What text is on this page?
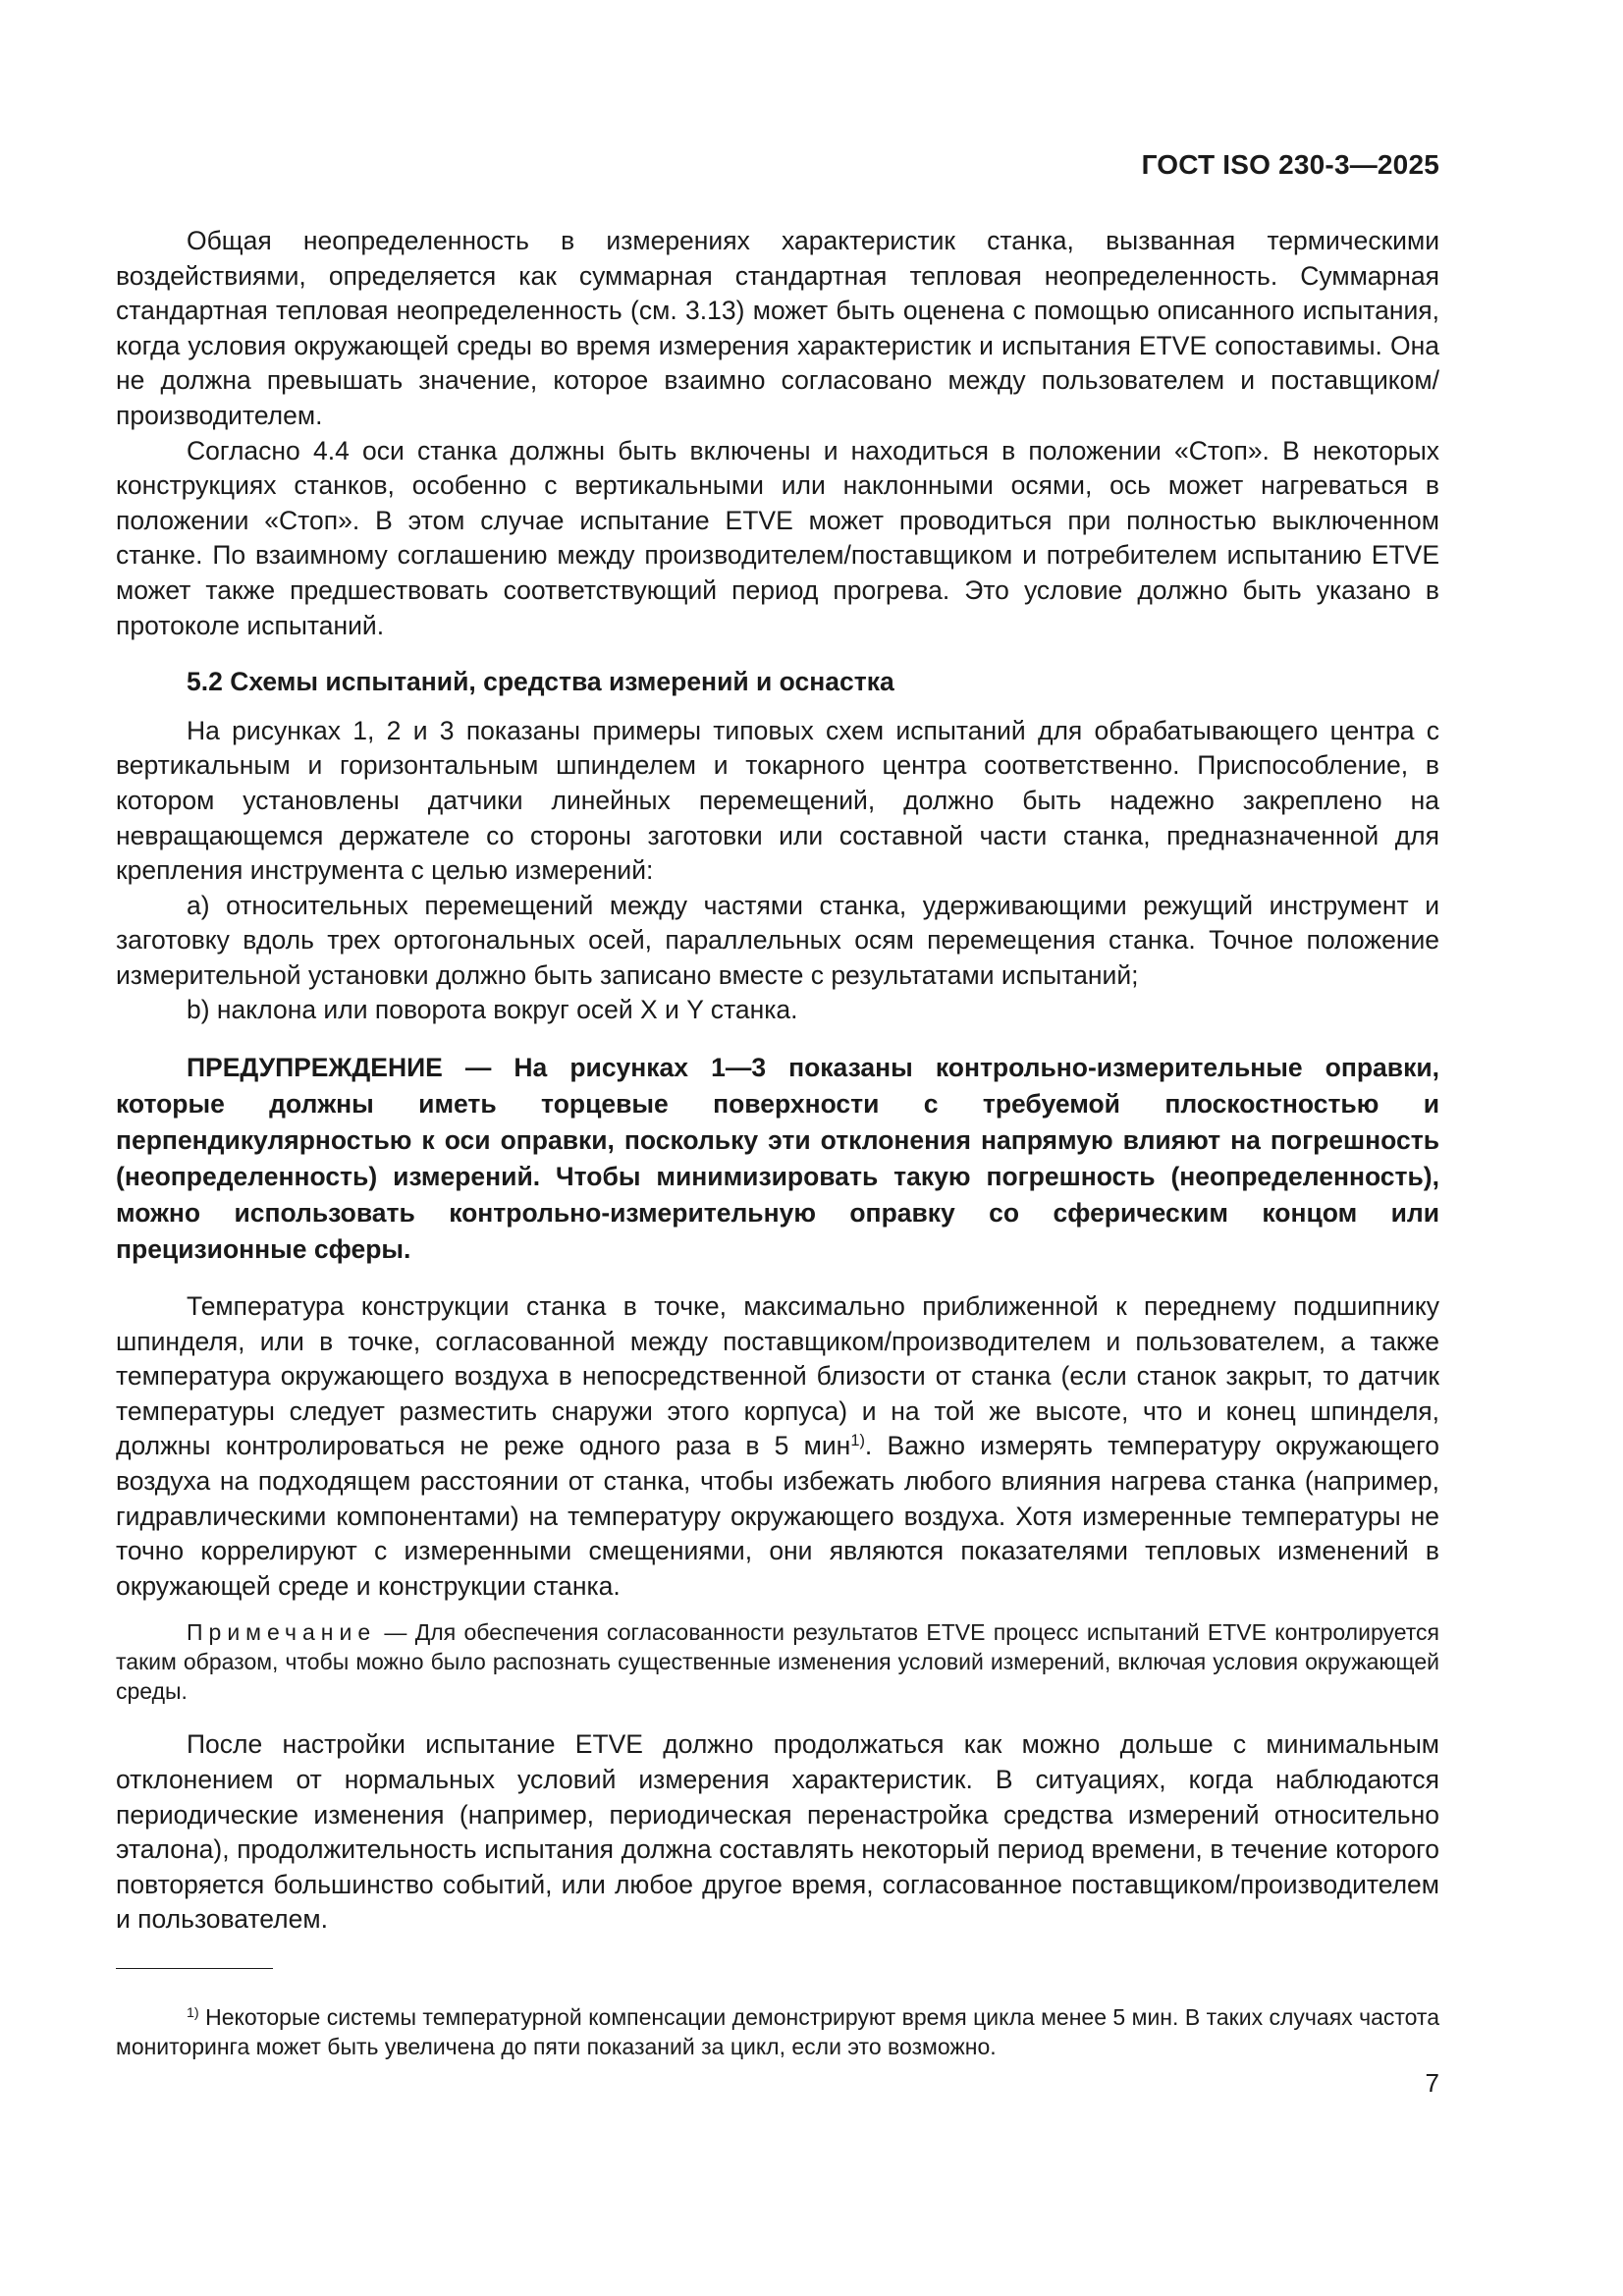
ГОСТ ISO 230-3—2025

Общая неопределенность в измерениях характеристик станка, вызванная термическими воздействиями, определяется как суммарная стандартная тепловая неопределенность. Суммарная стандартная тепловая неопределенность (см. 3.13) может быть оценена с помощью описанного испытания, когда условия окружающей среды во время измерения характеристик и испытания ETVE сопоставимы. Она не должна превышать значение, которое взаимно согласовано между пользователем и поставщиком/производителем.

Согласно 4.4 оси станка должны быть включены и находиться в положении «Стоп». В некоторых конструкциях станков, особенно с вертикальными или наклонными осями, ось может нагреваться в положении «Стоп». В этом случае испытание ETVE может проводиться при полностью выключенном станке. По взаимному соглашению между производителем/поставщиком и потребителем испытанию ETVE может также предшествовать соответствующий период прогрева. Это условие должно быть указано в протоколе испытаний.

5.2 Схемы испытаний, средства измерений и оснастка

На рисунках 1, 2 и 3 показаны примеры типовых схем испытаний для обрабатывающего центра с вертикальным и горизонтальным шпинделем и токарного центра соответственно. Приспособление, в котором установлены датчики линейных перемещений, должно быть надежно закреплено на невращающемся держателе со стороны заготовки или составной части станка, предназначенной для крепления инструмента с целью измерений:

a) относительных перемещений между частями станка, удерживающими режущий инструмент и заготовку вдоль трех ортогональных осей, параллельных осям перемещения станка. Точное положение измерительной установки должно быть записано вместе с результатами испытаний;

b) наклона или поворота вокруг осей X и Y станка.

ПРЕДУПРЕЖДЕНИЕ — На рисунках 1—3 показаны контрольно-измерительные оправки, которые должны иметь торцевые поверхности с требуемой плоскостностью и перпендикулярностью к оси оправки, поскольку эти отклонения напрямую влияют на погрешность (неопределенность) измерений. Чтобы минимизировать такую погрешность (неопределенность), можно использовать контрольно-измерительную оправку со сферическим концом или прецизионные сферы.

Температура конструкции станка в точке, максимально приближенной к переднему подшипнику шпинделя, или в точке, согласованной между поставщиком/производителем и пользователем, а также температура окружающего воздуха в непосредственной близости от станка (если станок закрыт, то датчик температуры следует разместить снаружи этого корпуса) и на той же высоте, что и конец шпинделя, должны контролироваться не реже одного раза в 5 мин$^{1)}$. Важно измерять температуру окружающего воздуха на подходящем расстоянии от станка, чтобы избежать любого влияния нагрева станка (например, гидравлическими компонентами) на температуру окружающего воздуха. Хотя измеренные температуры не точно коррелируют с измеренными смещениями, они являются показателями тепловых изменений в окружающей среде и конструкции станка.

Примечание — Для обеспечения согласованности результатов ETVE процесс испытаний ETVE контролируется таким образом, чтобы можно было распознать существенные изменения условий измерений, включая условия окружающей среды.

После настройки испытание ETVE должно продолжаться как можно дольше с минимальным отклонением от нормальных условий измерения характеристик. В ситуациях, когда наблюдаются периодические изменения (например, периодическая перенастройка средства измерений относительно эталона), продолжительность испытания должна составлять некоторый период времени, в течение которого повторяется большинство событий, или любое другое время, согласованное поставщиком/производителем и пользователем.

$^{1)}$ Некоторые системы температурной компенсации демонстрируют время цикла менее 5 мин. В таких случаях частота мониторинга может быть увеличена до пяти показаний за цикл, если это возможно.

7
